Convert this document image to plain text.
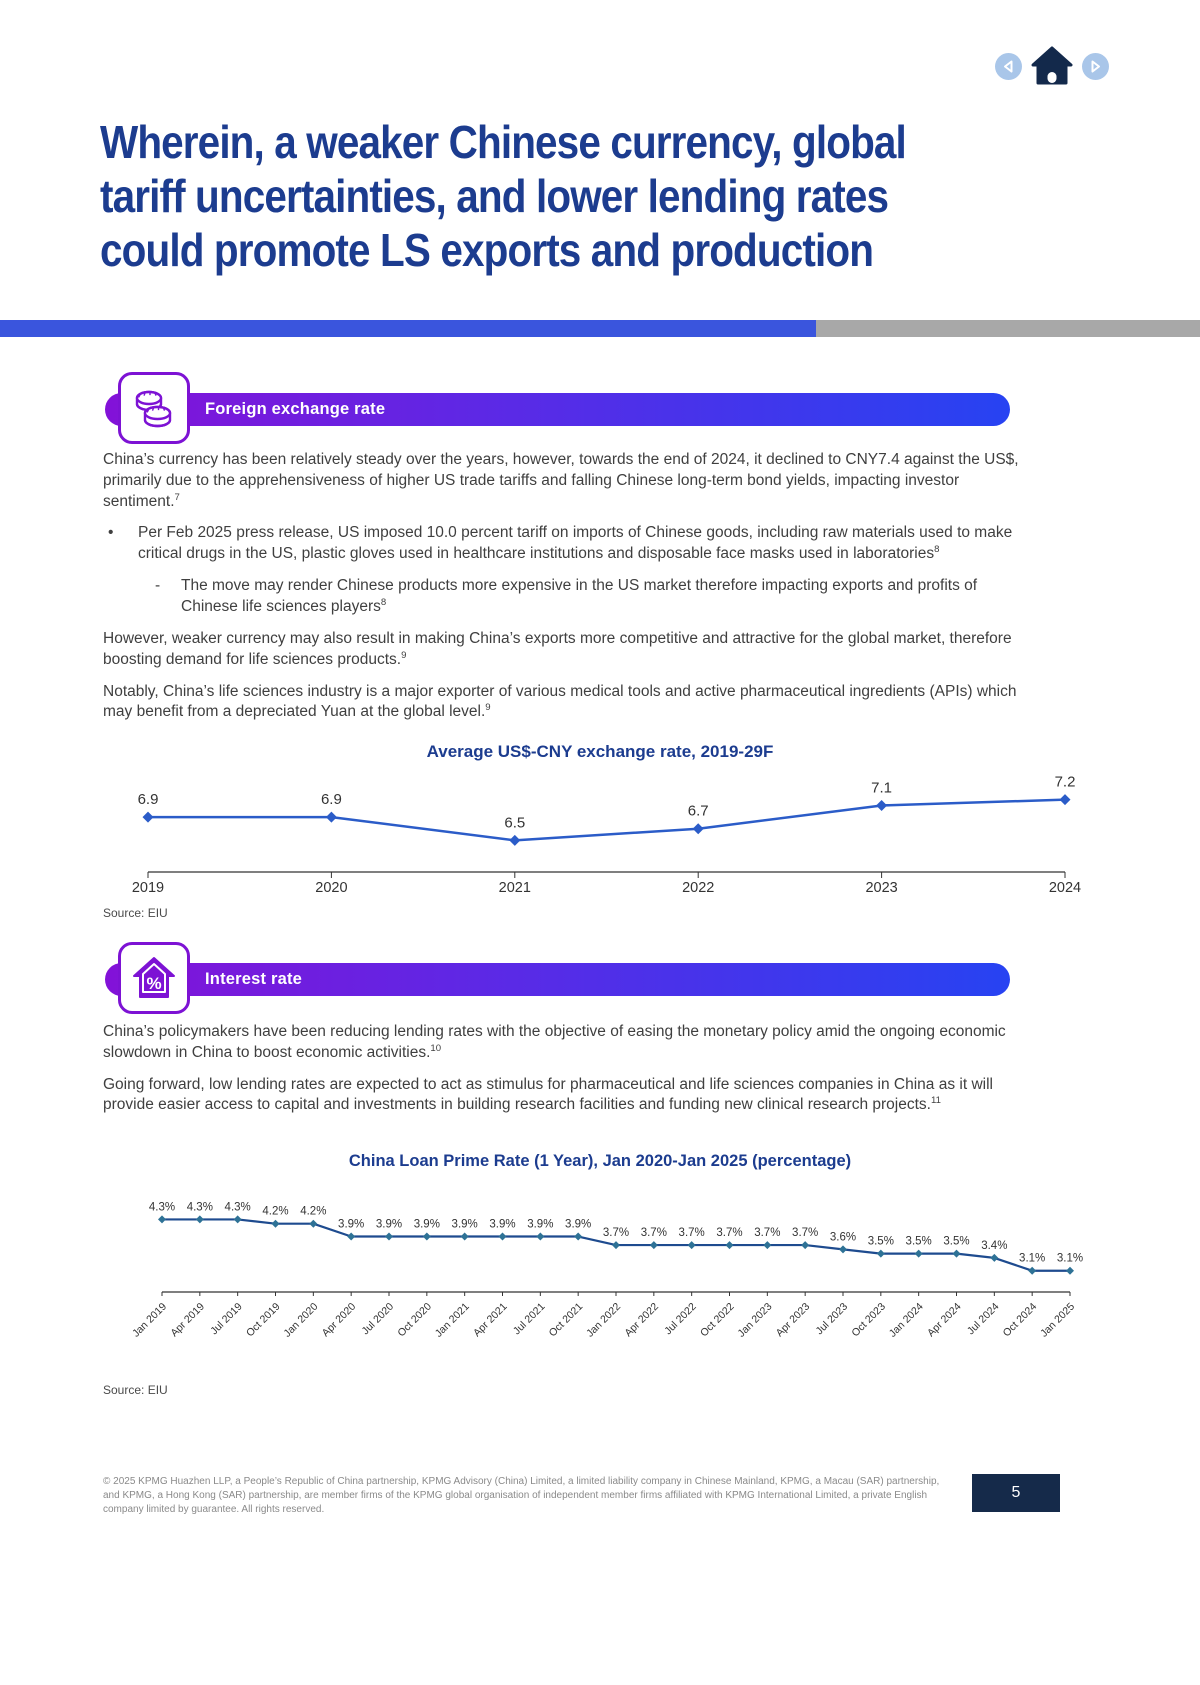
Wherein, a weaker Chinese currency, global
tariff uncertainties, and lower lending rates
could promote LS exports and production
Foreign exchange rate

China’s currency has been relatively steady over the years, however, towards the end of 2024, it declined to CNY7.4 against the US$, primarily due to the apprehensiveness of higher US trade tariffs and falling Chinese long-term bond yields, impacting investor sentiment.$^7$

•	Per Feb 2025 press release, US imposed 10.0 percent tariff on imports of Chinese goods, including raw materials used to make critical drugs in the US, plastic gloves used in healthcare institutions and disposable face masks used in laboratories$^8$
-	The move may render Chinese products more expensive in the US market therefore impacting exports and profits of Chinese life sciences players$^8$

However, weaker currency may also result in making China’s exports more competitive and attractive for the global market, therefore boosting demand for life sciences products.$^9$

Notably, China’s life sciences industry is a major exporter of various medical tools and active pharmaceutical ingredients (APIs) which may benefit from a depreciated Yuan at the global level.$^9$

Average US$-CNY exchange rate, 2019-29F
2019	2020	2021	2022	2023	2024
6.9	6.9
6.5
6.7
7.1	7.2
Source: EIU
Interest rate
%

China’s policymakers have been reducing lending rates with the objective of easing the monetary policy amid the ongoing economic slowdown in China to boost economic activities.$^{10}$

Going forward, low lending rates are expected to act as stimulus for pharmaceutical and life sciences companies in China as it will provide easier access to capital and investments in building research facilities and funding new clinical research projects.$^{11}$

China Loan Prime Rate (1 Year), Jan 2020-Jan 2025 (percentage)
Jan 2019 Apr 2019 Jul 2019 Oct 2019
Jan 2020 Apr 2020 Jul 2020 Oct 2020
Jan 2021 Apr 2021 Jul 2021 Oct 2021
Jan 2022 Apr 2022 Jul 2022 Oct 2022
Jan 2023 Apr 2023 Jul 2023 Oct 2023
Jan 2024 Apr 2024 Jul 2024 Oct 2024
Jan 2025
4.3% 4.3% 4.3% 4.2% 4.2%
3.9% 3.9% 3.9% 3.9% 3.9% 3.9% 3.9%
3.7% 3.7% 3.7% 3.7% 3.7% 3.7% 3.6% 3.5% 3.5% 3.5% 3.4%
3.1% 3.1%
Source: EIU
© 2025 KPMG Huazhen LLP, a People’s Republic of China partnership, KPMG Advisory (China) Limited, a limited liability company in Chinese Mainland, KPMG, a Macau (SAR) partnership, and KPMG, a Hong Kong (SAR) partnership, are member firms of the KPMG global organisation of independent member firms affiliated with KPMG International Limited, a private English company limited by guarantee. All rights reserved.
5
